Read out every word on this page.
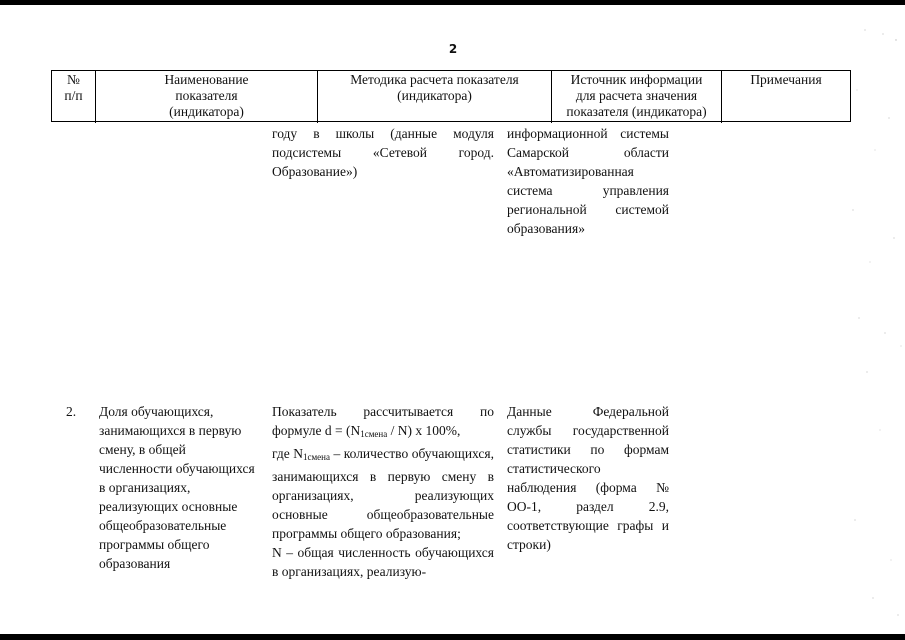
2
№
п/п
Наименование
показателя
(индикатора)
Методика расчета показателя
(индикатора)
Источник информации
для расчета значения
показателя (индикатора)
Примечания
году в школы (данные модуля подсистемы «Сетевой город. Образование»)
информационной системы Самарской области «Автоматизированная система управления региональной системой образования»
2.	Доля обучающихся, занимающихся в первую смену, в общей численности обучающихся в организациях, реализующих основные общеобразовательные программы общего образования
Показатель рассчитывается по
формуле $d = (N_{1смена} / N)$ x 100%,
где $N_{1смена}$ – количество обучающихся, занимающихся в первую смену в организациях, реализующих основные общеобразовательные программы общего образования;
N – общая численность обучающихся в организациях, реализую-
Данные Федеральной службы государственной статистики по формам статистического наблюдения (форма № ОО-1, раздел 2.9, соответствующие графы и строки)
